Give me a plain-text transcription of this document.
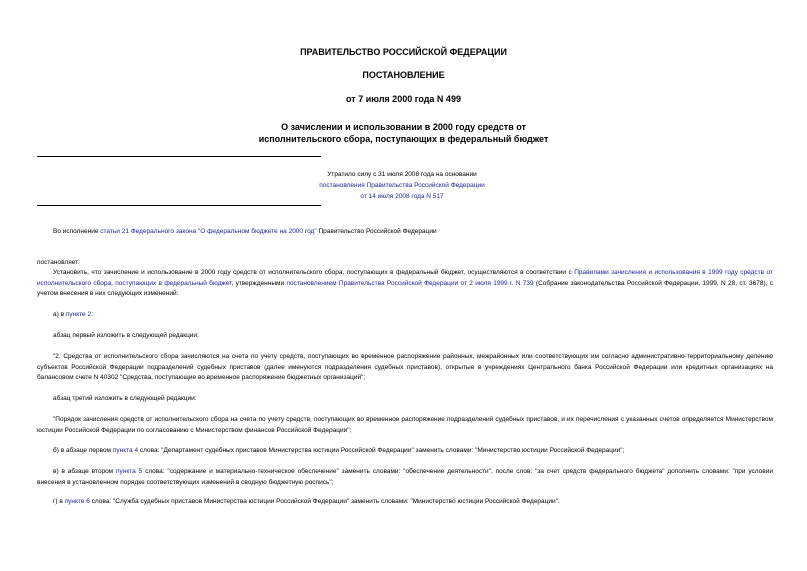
ПРАВИТЕЛЬСТВО РОССИЙСКОЙ ФЕДЕРАЦИИ
ПОСТАНОВЛЕНИЕ
от 7 июля 2000 года N 499
О зачислении и использовании в 2000 году средств от
исполнительского сбора, поступающих в федеральный бюджет
Утратило силу с 31 июля 2008 года на основании
постановления Правительства Российской Федерации
от 14 июля 2008 года N 517
Во исполнение статьи 21 Федерального закона "О федеральном бюджете на 2000 год" Правительство Российской Федерации
постановляет:
Установить, что зачисление и использование в 2000 году средств от исполнительского сбора, поступающих в федеральный бюджет, осуществляются в соответствии с Правилами зачисления и использования в 1999 году средств от исполнительского сбора, поступающих в федеральный бюджет, утвержденными постановлением Правительства Российской Федерации от 2 июля 1999 г. N 739 (Собрание законодательства Российской Федерации, 1999, N 28, ст. 3678), с учетом внесения в них следующих изменений:
а) в пункте 2:
абзац первый изложить в следующей редакции:
"2. Средства от исполнительского сбора зачисляются на счета по учету средств, поступающих во временное распоряжение районных, межрайонных или соответствующих им согласно административно-территориальному делению субъектов Российской Федерации подразделений судебных приставов (далее именуются подразделения судебных приставов), открытые в учреждениях Центрального банка Российской Федерации или кредитных организациях на балансовом счете N 40302 "Средства, поступающие во временное распоряжение бюджетных организаций";
абзац третий изложить в следующей редакции:
"Порядок зачисления средств от исполнительского сбора на счета по учету средств, поступающих во временное распоряжение подразделений судебных приставов, и их перечисления с указанных счетов определяется Министерством юстиции Российской Федерации по согласованию с Министерством финансов Российской Федерации";
б) в абзаце первом пункта 4 слова: "Департамент судебных приставов Министерства юстиции Российской Федерации" заменить словами: "Министерство юстиции Российской Федерации";
в) в абзаце втором пункта 5 слова: "содержание и материально-техническое обеспечение" заменить словами: "обеспечение деятельности", после слов: "за счет средств федерального бюджета" дополнить словами: "при условии внесения в установленном порядке соответствующих изменений в сводную бюджетную роспись";
г) в пункте 6 слова: "Служба судебных приставов Министерства юстиции Российской Федерации" заменить словами: "Министерство юстиции Российской Федерации".
